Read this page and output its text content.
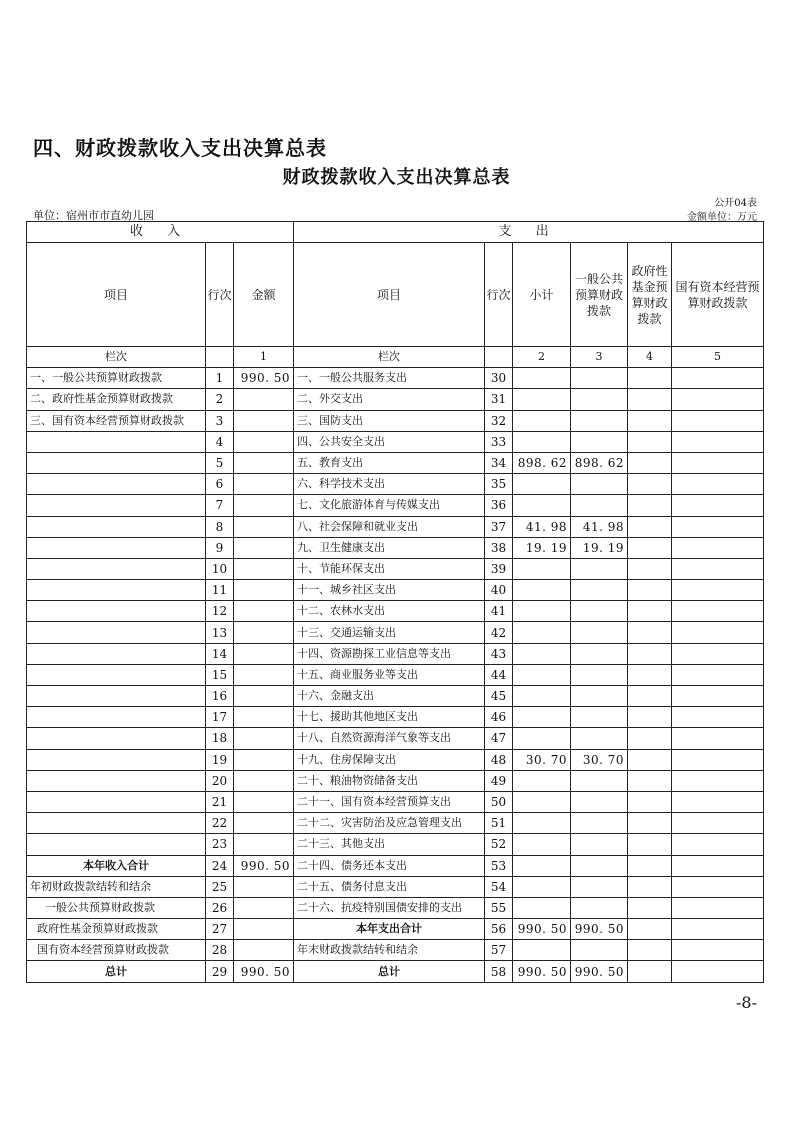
四、财政拨款收入支出决算总表
财政拨款收入支出决算总表
公开04表
单位：宿州市市直幼儿园	金额单位：万元
收 入			支 出					
项目	行次	金额	项目	行次	小计	一般公共预算财政拨款	政府性基金预算财政拨款	国有资本经营预算财政拨款
栏次		1	栏次		2	3	4	5
一、一般公共预算财政拨款	1	990. 50	一、一般公共服务支出	30				
二、政府性基金预算财政拨款	2		二、外交支出	31				
三、国有资本经营预算财政拨款	3		三、国防支出	32				
	4		四、公共安全支出	33				
	5		五、教育支出	34	898. 62	898. 62		
	6		六、科学技术支出	35				
	7		七、文化旅游体育与传媒支出	36				
	8		八、社会保障和就业支出	37	41. 98	41. 98		
	9		九、卫生健康支出	38	19. 19	19. 19		
	10		十、节能环保支出	39				
	11		十一、城乡社区支出	40				
	12		十二、农林水支出	41				
	13		十三、交通运输支出	42				
	14		十四、资源勘探工业信息等支出	43				
	15		十五、商业服务业等支出	44				
	16		十六、金融支出	45				
	17		十七、援助其他地区支出	46				
	18		十八、自然资源海洋气象等支出	47				
	19		十九、住房保障支出	48	30. 70	30. 70		
	20		二十、粮油物资储备支出	49				
	21		二十一、国有资本经营预算支出	50				
	22		二十二、灾害防治及应急管理支出	51				
	23		二十三、其他支出	52				
本年收入合计	24	990. 50	二十四、债务还本支出	53				
年初财政拨款结转和结余	25		二十五、债务付息支出	54				
一般公共预算财政拨款	26		二十六、抗疫特别国债安排的支出	55				
政府性基金预算财政拨款	27		本年支出合计	56	990. 50	990. 50		
国有资本经营预算财政拨款	28		年末财政拨款结转和结余	57				
总计	29	990. 50	总计	58	990. 50	990. 50		
-8-
